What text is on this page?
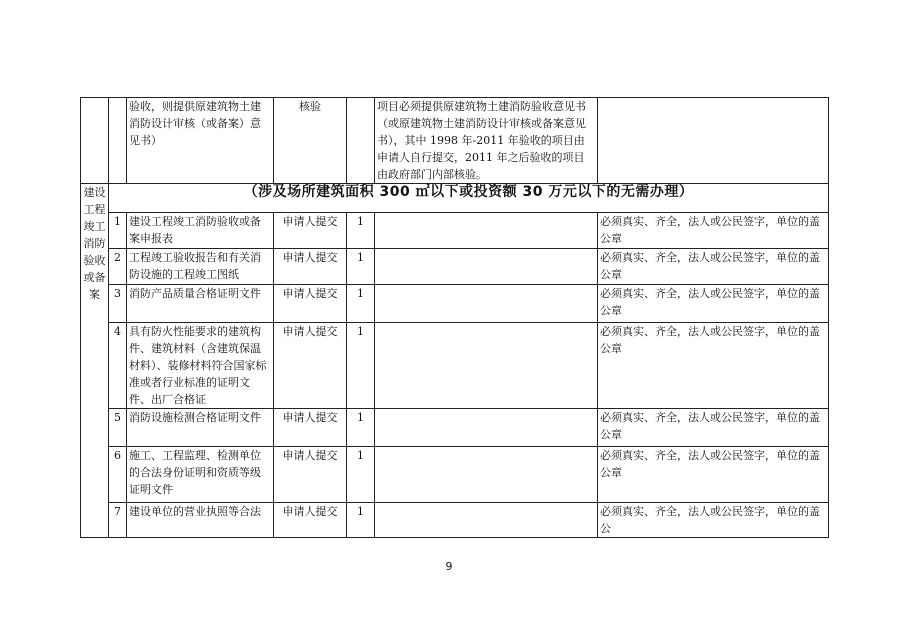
		验收，则提供原建筑物土建消防设计审核（或备案）意见书）	核验		项目必须提供原建筑物土建消防验收意见书（或原建筑物土建消防设计审核或备案意见书），其中 1998 年-2011 年验收的项目由申请人自行提交，2011 年之后验收的项目由政府部门内部核验。	
建设工程竣工消防验收或备案	（涉及场所建筑面积 300 ㎡以下或投资额 30 万元以下的无需办理）					
	1	建设工程竣工消防验收或备案申报表	申请人提交	1		必须真实、齐全，法人或公民签字，单位的盖公章
	2	工程竣工验收报告和有关消防设施的工程竣工图纸	申请人提交	1		必须真实、齐全，法人或公民签字，单位的盖公章
	3	消防产品质量合格证明文件	申请人提交	1		必须真实、齐全，法人或公民签字，单位的盖公章
	4	具有防火性能要求的建筑构件、建筑材料（含建筑保温材料）、装修材料符合国家标准或者行业标准的证明文件、出厂合格证	申请人提交	1		必须真实、齐全，法人或公民签字，单位的盖公章
	5	消防设施检测合格证明文件	申请人提交	1		必须真实、齐全，法人或公民签字，单位的盖公章
	6	施工、工程监理、检测单位的合法身份证明和资质等级证明文件	申请人提交	1		必须真实、齐全，法人或公民签字，单位的盖公章
	7	建设单位的营业执照等合法	申请人提交	1		必须真实、齐全，法人或公民签字，单位的盖公
9
